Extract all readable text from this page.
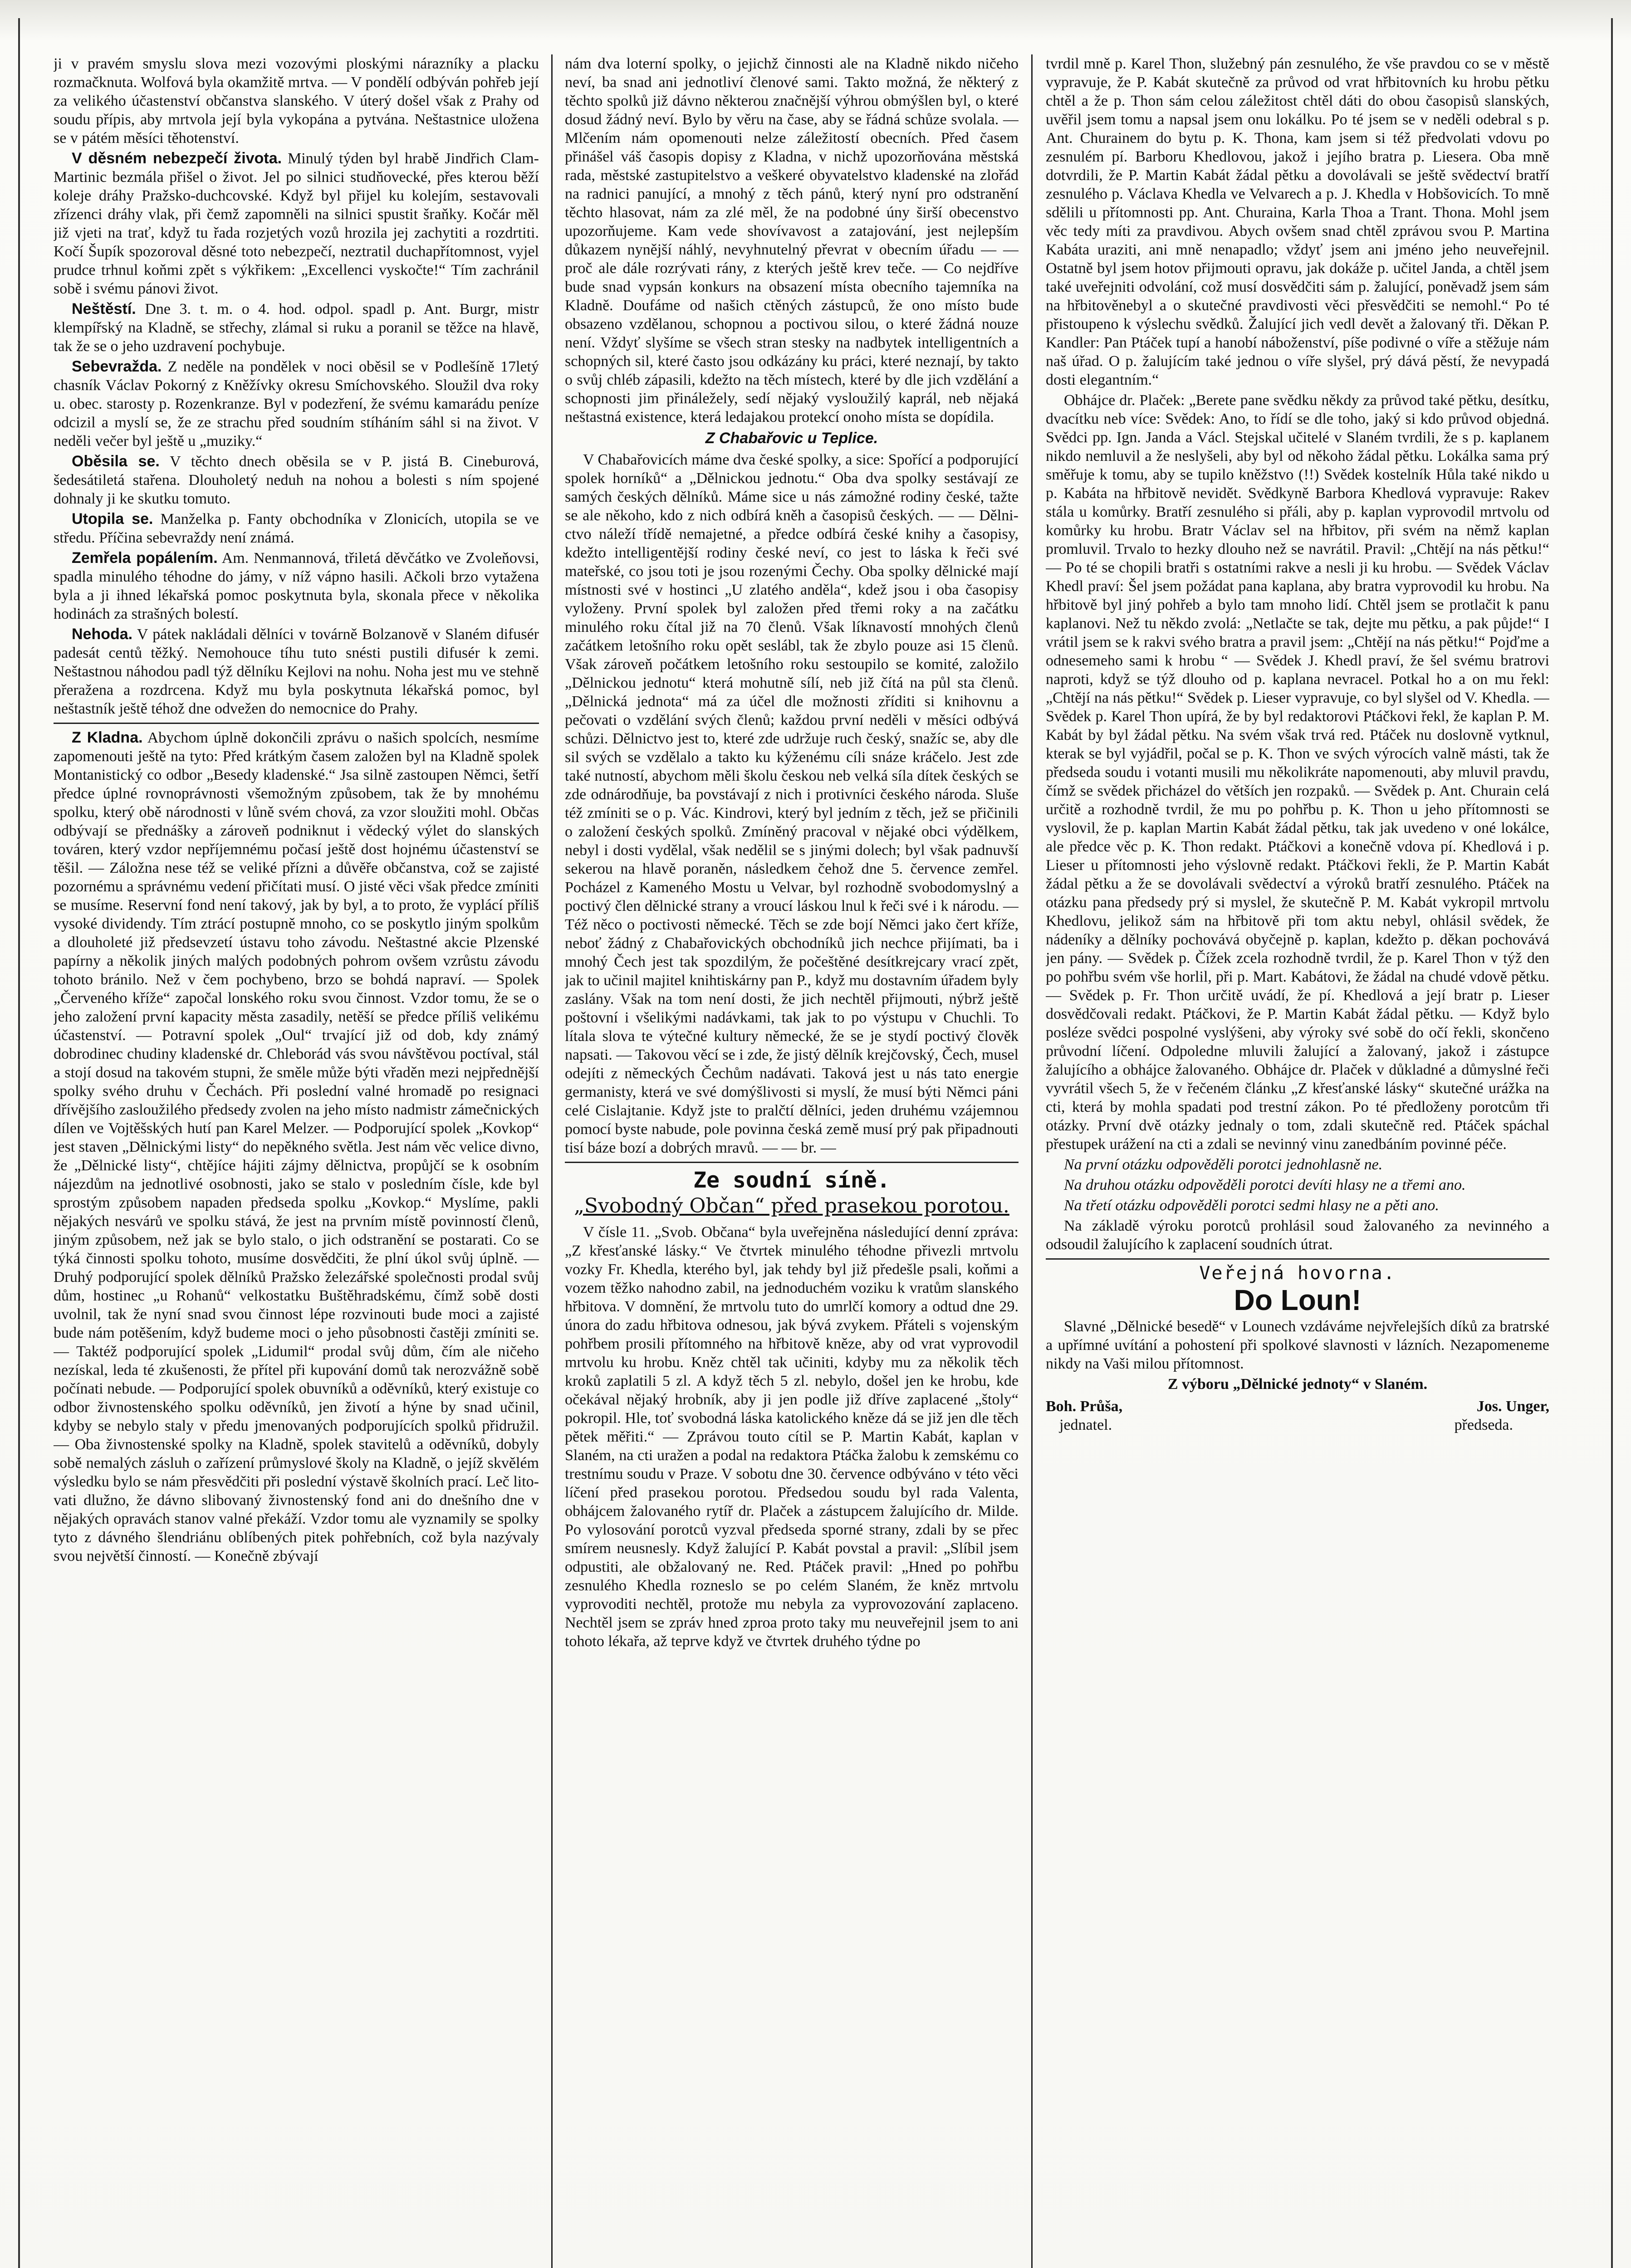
ji v pravém smyslu slova mezi vozovými ploskými nárazníky a placku rozmačknuta. Wolfová byla okamžitě mrtva. — V pondělí odbýván pohřeb její za velikého účastenství občanstva slanského. V úterý došel však z Prahy od soudu přípis, aby mrtvola její byla vykopána a pytvána. Neštastnice uložena se v pátém měsíci těhotenství.

V děsném nebezpečí života. Minulý týden byl hrabě Jindřich Clam-Martinic bezmála přišel o život. Jel po silnici studňovecké, přes kterou běží koleje dráhy Pražsko-duchcovské. Když byl přijel ku kolejím, sestavovali zřízenci dráhy vlak, při čemž zapomněli na silnici spustit šraňky. Kočár měl již vjeti na trať, když tu řada rozjetých vozů hrozila jej zachytiti a rozdrtiti. Kočí Šupík spozoroval děsné toto nebezpečí, neztratil duchapřítomnost, vyjel prudce trhnul koňmi zpět s výkřikem: „Excellenci vyskočte!“ Tím zachránil sobě i svému pánovi život.

Neštěstí. Dne 3. t. m. o 4. hod. odpol. spadl p. Ant. Burgr, mistr klempířský na Kladně, se střechy, zlámal si ruku a poranil se těžce na hlavě, tak že se o jeho uzdravení pochybuje.

Sebevražda. Z neděle na pondělek v noci oběsil se v Podlešíně 17letý chasník Václav Pokorný z Kněžívky okresu Smíchovského. Sloužil dva roky u. obec. starosty p. Rozenkranze. Byl v podezření, že svému kamarádu peníze odcizil a myslí se, že ze strachu před soudním stíháním sáhl si na život. V neděli večer byl ještě u „muziky.“

Oběsila se. V těchto dnech oběsila se v P. jistá B. Cineburová, šedesátiletá stařena. Dlouholetý neduh na nohou a bolesti s ním spojené dohnaly ji ke skutku tomuto.

Utopila se. Manželka p. Fanty obchodníka v Zlonicích, utopila se ve středu. Příčina sebevraždy není známá.

Zemřela popálením. Am. Nenmannová, třiletá děvčátko ve Zvoleňovsi, spadla minulého téhodne do jámy, v níž vápno hasili. Ačkoli brzo vytažena byla a ji ihned lékařská pomoc poskytnuta byla, skonala přece v několika hodinách za strašných bolestí.

Nehoda. V pátek nakládali dělníci v továrně Bolzanově v Slaném difusér padesát centů těžký. Nemohouce tíhu tuto snésti pustili difusér k zemi. Neštastnou náhodou padl týž dělníku Kejlovi na nohu. Noha jest mu ve stehně přeražena a rozdrcena. Když mu byla poskytnuta lékařská pomoc, byl neštastník ještě téhož dne odvežen do nemocnice do Prahy.

Z Kladna. Abychom úplně dokončili zprávu o našich spolcích, nesmíme zapomenouti ještě na tyto: Před krátkým časem založen byl na Kladně spolek Montanistický co odbor „Besedy kladenské.“ Jsa silně zastoupen Němci, šetří předce úplné rovnoprávnosti všemožným způsobem, tak že by mnohému spolku, který obě národnosti v lůně svém chová, za vzor sloužiti mohl. Občas odbývají se přednášky a zároveň podniknut i vědecký výlet do slanských továren, který vzdor nepříjemnému počasí ještě dost hojnému účastenství se těšil. — Záložna nese též se veliké přízni a důvěře občanstva, což se zajisté pozornému a správnému vedení přičítati musí. O jisté věci však předce zmíniti se musíme. Reservní fond není takový, jak by byl, a to proto, že vyplácí příliš vysoké dividendy. Tím ztrácí postupně mnoho, co se poskytlo jiným spolkům a dlouholeté již předsevzetí ústavu toho závodu. Neštastné akcie Plzenské papírny a několik jiných malých podobných pohrom ovšem vzrůstu závodu tohoto bránilo. Než v čem pochybeno, brzo se bohdá napraví. — Spolek „Červeného kříže“ započal lonského roku svou činnost. Vzdor tomu, že se o jeho založení první kapacity města zasadily, netěší se předce příliš velikému účastenství. — Potravní spolek „Oul“ trvající již od dob, kdy známý dobrodinec chudiny kladenské dr. Chleborád vás svou návštěvou poctíval, stál a stojí dosud na takovém stupni, že směle může býti vřaděn mezi nejpřednější spolky svého druhu v Čechách. Při poslední valné hromadě po resignaci dřívějšího zasloužilého předsedy zvolen na jeho místo nadmistr zámečnických dílen ve Vojtěšských hutí pan Karel Melzer. — Podporující spolek „Kovkop“ jest staven „Dělnickými listy“ do nepěkného světla. Jest nám věc velice divno, že „Dělnické listy“, chtějíce hájiti zájmy dělnictva, propůjčí se k osobním nájezdům na jednotlivé osobnosti, jako se stalo v posledním čísle, kde byl sprostým způsobem napaden předseda spolku „Kovkop.“ Myslíme, pakli nějakých nesvárů ve spolku stává, že jest na prvním místě povinností členů, jiným způsobem, než jak se bylo stalo, o jich odstranění se postarati. Co se týká činnosti spolku tohoto, musíme dosvědčiti, že plní úkol svůj úplně. — Druhý podporující spolek dělníků Pražsko železářské společnosti prodal svůj dům, hostinec „u Rohanů“ velkostatku Buštěhradskému, čímž sobě dosti uvolnil, tak že nyní snad svou činnost lépe rozvinouti bude moci a zajisté bude nám potěšením, když budeme moci o jeho působnosti častěji zmíniti se. — Taktéž podporující spolek „Lidumil“ prodal svůj dům, čím ale ničeho nezískal, leda té zkušenosti, že přítel při kupování domů tak nerozvážně sobě počínati nebude. — Podporující spolek obuvníků a oděvníků, který existuje co odbor živnostenského spolku oděvníků, jen životí a hýne by snad učinil, kdyby se nebylo staly v předu jmenovaných podporujících spolků přidružil. — Oba živnostenské spolky na Kladně, spolek stavitelů a oděvníků, dobyly sobě nemalých zásluh o zařízení průmyslové školy na Kladně, o jejíž skvělém výsledku bylo se nám přesvědčiti při poslední výstavě školních prací. Leč litovati dlužno, že dávno slibovaný živnostenský fond ani do dnešního dne v nějakých opravách stanov valné překáží. Vzdor tomu ale vyznamily se spolky tyto z dávného šlendriánu oblíbených pitek pohřebních, což byla nazývaly svou největší činností. — Konečně zbývají

nám dva loterní spolky, o jejichž činnosti ale na Kladně nikdo ničeho neví, ba snad ani jednotliví členové sami. Takto možná, že některý z těchto spolků již dávno některou značnější výhrou obmýšlen byl, o které dosud žádný neví. Bylo by věru na čase, aby se řádná schůze svolala. — Mlčením nám opomenouti nelze záležitostí obecních. Před časem přinášel váš časopis dopisy z Kladna, v nichž upozorňována městská rada, městské zastupitelstvo a veškeré obyvatelstvo kladenské na zlořád na radnici panující, a mnohý z těch pánů, který nyní pro odstranění těchto hlasovat, nám za zlé měl, že na podobné úny širší obecenstvo upozorňujeme. Kam vede shovívavost a zatajování, jest nejlepším důkazem nynější náhlý, nevyhnutelný převrat v obecním úřadu — — proč ale dále rozrývati rány, z kterých ještě krev teče. — Co nejdříve bude snad vypsán konkurs na obsazení místa obecního tajemníka na Kladně. Doufáme od našich ctěných zástupců, že ono místo bude obsazeno vzdělanou, schopnou a poctivou silou, o které žádná nouze není. Vždyť slyšíme se všech stran stesky na nadbytek intelligentních a schopných sil, které často jsou odkázány ku práci, které neznají, by takto o svůj chléb zápasili, kdežto na těch místech, které by dle jich vzdělání a schopnosti jim přináležely, sedí nějaký vysloužilý kaprál, neb nějaká neštastná existence, která ledajakou protekcí onoho místa se dopídila.

Z Chabařovic u Teplice.

V Chabařovicích máme dva české spolky, a sice: Spořící a podporující spolek horníků“ a „Dělnickou jednotu.“ Oba dva spolky sestávají ze samých českých dělníků. Máme sice u nás zámožné rodiny české, tažte se ale někoho, kdo z nich odbírá kněh a časopisů českých. — — Dělnictvo náleží třídě nemajetné, a předce odbírá české knihy a časopisy, kdežto intelligentější rodiny české neví, co jest to láska k řeči své mateřské, co jsou toti je jsou rozenými Čechy. Oba spolky dělnické mají místnosti své v hostinci „U zlatého anděla“, kdež jsou i oba časopisy vyloženy. První spolek byl založen před třemi roky a na začátku minulého roku čítal již na 70 členů. Však líknavostí mnohých členů začátkem letošního roku opět seslábl, tak že zbylo pouze asi 15 členů. Však zároveň počátkem letošního roku sestoupilo se komité, založilo „Dělnickou jednotu“ která mohutně sílí, neb již čítá na půl sta členů. „Dělnická jednota“ má za účel dle možnosti zříditi si knihovnu a pečovati o vzdělání svých členů; každou první neděli v měsíci odbývá schůzi. Dělnictvo jest to, které zde udržuje ruch český, snažíc se, aby dle sil svých se vzdělalo a takto ku kýženému cíli snáze kráčelo. Jest zde také nutností, abychom měli školu českou neb velká síla dítek českých se zde odnárodňuje, ba povstávají z nich i protivníci českého národa. Sluše též zmíniti se o p. Vác. Kindrovi, který byl jedním z těch, jež se přičinili o založení českých spolků. Zmíněný pracoval v nějaké obci výdělkem, nebyl i dosti vydělal, však nedělil se s jinými dolech; byl však padnuvší sekerou na hlavě poraněn, následkem čehož dne 5. července zemřel. Pocházel z Kameného Mostu u Velvar, byl rozhodně svobodomyslný a poctivý člen dělnické strany a vroucí láskou lnul k řeči své i k národu. — Též něco o poctivosti německé. Těch se zde bojí Němci jako čert kříže, neboť žádný z Chabařovických obchodníků jich nechce přijímati, ba i mnohý Čech jest tak spozdilým, že počeštěné desítkrejcary vrací zpět, jak to učinil majitel knihtiskárny pan P., když mu dostavním úřadem byly zaslány. Však na tom není dosti, že jich nechtěl přijmouti, nýbrž ještě poštovní i všelikými nadávkami, tak jak to po výstupu v Chuchli. To lítala slova te výtečné kultury německé, že se je stydí poctivý člověk napsati. — Takovou věcí se i zde, že jistý dělník krejčovský, Čech, musel odejíti z německých Čechům nadávati. Taková jest u nás tato energie germanisty, která ve své domýšlivosti si myslí, že musí býti Němci páni celé Cislajtanie. Když jste to pralčtí dělníci, jeden druhému vzájemnou pomocí byste nabude, pole povinna česká země musí prý pak připadnouti tisí báze bozí a dobrých mravů. — — br. —

Ze soudní síně.
„Svobodný Občan“ před prasekou porotou.

V čísle 11. „Svob. Občana“ byla uveřejněna následující denní zpráva: „Z křesťanské lásky.“ Ve čtvrtek minulého téhodne přivezli mrtvolu vozky Fr. Khedla, kterého byl, jak tehdy byl již předešle psali, koňmi a vozem těžko nahodno zabil, na jednoduchém voziku k vratům slanského hřbitova. V domnění, že mrtvolu tuto do umrlčí komory a odtud dne 29. února do zadu hřbitova odnesou, jak bývá zvykem. Přáteli s vojenským pohřbem prosili přítomného na hřbitově kněze, aby od vrat vyprovodil mrtvolu ku hrobu. Kněz chtěl tak učiniti, kdyby mu za několik těch kroků zaplatili 5 zl. A když těch 5 zl. nebylo, došel jen ke hrobu, kde očekával nějaký hrobník, aby ji jen podle již dříve zaplacené „štoly“ pokropil. Hle, toť svobodná láska katolického kněze dá se již jen dle těch pětek měřiti.“ — Zprávou touto cítil se P. Martin Kabát, kaplan v Slaném, na cti uražen a podal na redaktora Ptáčka žalobu k zemskému co trestnímu soudu v Praze. V sobotu dne 30. července odbýváno v této věci líčení před prasekou porotou. Předsedou soudu byl rada Valenta, obhájcem žalovaného rytíř dr. Plaček a zástupcem žalujícího dr. Milde. Po vylosování porotců vyzval předseda sporné strany, zdali by se přec smírem neusnesly. Když žalující P. Kabát povstal a pravil: „Slíbil jsem odpustiti, ale obžalovaný ne. Red. Ptáček pravil: „Hned po pohřbu zesnulého Khedla rozneslo se po celém Slaném, že kněz mrtvolu vyprovoditi nechtěl, protože mu nebyla za vyprovozování zaplaceno. Nechtěl jsem se zpráv hned zproa proto taky mu neuveřejnil jsem to ani tohoto lékařa, až teprve když ve čtvrtek druhého týdne po

tvrdil mně p. Karel Thon, služebný pán zesnulého, že vše pravdou co se v městě vypravuje, že P. Kabát skutečně za průvod od vrat hřbitovních ku hrobu pětku chtěl a že p. Thon sám celou záležitost chtěl dáti do obou časopisů slanských, uvěřil jsem tomu a napsal jsem onu lokálku. Po té jsem se v neděli odebral s p. Ant. Churainem do bytu p. K. Thona, kam jsem si též předvolati vdovu po zesnulém pí. Barboru Khedlovou, jakož i jejího bratra p. Liesera. Oba mně dotvrdili, že P. Martin Kabát žádal pětku a dovolávali se ještě svědectví bratří zesnulého p. Václava Khedla ve Velvarech a p. J. Khedla v Hobšovicích. To mně sdělili u přítomnosti pp. Ant. Churaina, Karla Thoa a Trant. Thona. Mohl jsem věc tedy míti za pravdivou. Abych ovšem snad chtěl zprávou svou P. Martina Kabáta uraziti, ani mně nenapadlo; vždyť jsem ani jméno jeho neuveřejnil. Ostatně byl jsem hotov přijmouti opravu, jak dokáže p. učitel Janda, a chtěl jsem také uveřejniti odvolání, což musí dosvědčiti sám p. žalující, poněvadž jsem sám na hřbitověnebyl a o skutečné pravdivosti věci přesvědčiti se nemohl.“ Po té přistoupeno k výslechu svědků. Žalující jich vedl devět a žalovaný tři. Děkan P. Kandler: Pan Ptáček tupí a hanobí náboženství, píše podivné o víře a stěžuje nám naš úřad. O p. žalujícím také jednou o víře slyšel, prý dává pěstí, že nevypadá dosti elegantním.“

Obhájce dr. Plaček: „Berete pane svědku někdy za průvod také pětku, desítku, dvacítku neb více: Svědek: Ano, to řídí se dle toho, jaký si kdo průvod objedná. Svědci pp. Ign. Janda a Václ. Stejskal učitelé v Slaném tvrdili, že s p. kaplanem nikdo nemluvil a že neslyšeli, aby byl od někoho žádal pětku. Lokálka sama prý směřuje k tomu, aby se tupilo kněžstvo (!!) Svědek kostelník Hůla také nikdo u p. Kabáta na hřbitově nevidět. Svědkyně Barbora Khedlová vypravuje: Rakev stála u komůrky. Bratří zesnulého si přáli, aby p. kaplan vyprovodil mrtvolu od komůrky ku hrobu. Bratr Václav sel na hřbitov, při svém na němž kaplan promluvil. Trvalo to hezky dlouho než se navrátil. Pravil: „Chtějí na nás pětku!“ — Po té se chopili bratři s ostatními rakve a nesli ji ku hrobu. — Svědek Václav Khedl praví: Šel jsem požádat pana kaplana, aby bratra vyprovodil ku hrobu. Na hřbitově byl jiný pohřeb a bylo tam mnoho lidí. Chtěl jsem se protlačit k panu kaplanovi. Než tu někdo zvolá: „Netlačte se tak, dejte mu pětku, a pak půjde!“ I vrátil jsem se k rakvi svého bratra a pravil jsem: „Chtějí na nás pětku!“ Pojďme a odnesemeho sami k hrobu “ — Svědek J. Khedl praví, že šel svému bratrovi naproti, když se týž dlouho od p. kaplana nevracel. Potkal ho a on mu řekl: „Chtějí na nás pětku!“ Svědek p. Lieser vypravuje, co byl slyšel od V. Khedla. — Svědek p. Karel Thon upírá, že by byl redaktorovi Ptáčkovi řekl, že kaplan P. M. Kabát by byl žádal pětku. Na svém však trvá red. Ptáček nu doslovně vytknul, kterak se byl vyjádřil, počal se p. K. Thon ve svých výrocích valně másti, tak že předseda soudu i votanti musili mu několikráte napomenouti, aby mluvil pravdu, čímž se svědek přicházel do větších jen rozpaků. — Svědek p. Ant. Churain celá určitě a rozhodně tvrdil, že mu po pohřbu p. K. Thon u jeho přítomnosti se vyslovil, že p. kaplan Martin Kabát žádal pětku, tak jak uvedeno v oné lokálce, ale předce věc p. K. Thon redakt. Ptáčkovi a konečně vdova pí. Khedlová i p. Lieser u přítomnosti jeho výslovně redakt. Ptáčkovi řekli, že P. Martin Kabát žádal pětku a že se dovolávali svědectví a výroků bratří zesnulého. Ptáček na otázku pana předsedy prý si myslel, že skutečně P. M. Kabát vykropil mrtvolu Khedlovu, jelikož sám na hřbitově při tom aktu nebyl, ohlásil svědek, že nádeníky a dělníky pochovává obyčejně p. kaplan, kdežto p. děkan pochovává jen pány. — Svědek p. Čížek zcela rozhodně tvrdil, že p. Karel Thon v týž den po pohřbu svém vše horlil, při p. Mart. Kabátovi, že žádal na chudé vdově pětku. — Svědek p. Fr. Thon určitě uvádí, že pí. Khedlová a její bratr p. Lieser dosvědčovali redakt. Ptáčkovi, že P. Martin Kabát žádal pětku. — Když bylo posléze svědci pospolné vyslýšeni, aby výroky své sobě do očí řekli, skončeno průvodní líčení. Odpoledne mluvili žalující a žalovaný, jakož i zástupce žalujícího a obhájce žalovaného. Obhájce dr. Plaček v důkladné a důmyslné řeči vyvrátil všech 5, že v řečeném článku „Z křesťanské lásky“ skutečné urážka na cti, která by mohla spadati pod trestní zákon. Po té předloženy porotcům tři otázky. První dvě otázky jednaly o tom, zdali skutečně red. Ptáček spáchal přestupek urážení na cti a zdali se nevinný vinu zanedbáním povinné péče.

Na první otázku odpověděli porotci jednohlasně ne.

Na druhou otázku odpověděli porotci devíti hlasy ne a třemi ano.

Na třetí otázku odpověděli porotci sedmi hlasy ne a pěti ano.

Na základě výroku porotců prohlásil soud žalovaného za nevinného a odsoudil žalujícího k zaplacení soudních útrat.

Veřejná hovorna.
Do Loun!

Slavné „Dělnické besedě“ v Lounech vzdáváme nejvřelejších díků za bratrské a upřímné uvítání a pohostení při spolkové slavnosti v lázních. Nezapomeneme nikdy na Vaši milou přítomnost.

Z výboru „Dělnické jednoty“ v Slaném.
Boh. Průša,	Jos. Unger,
jednatel.	předseda.
